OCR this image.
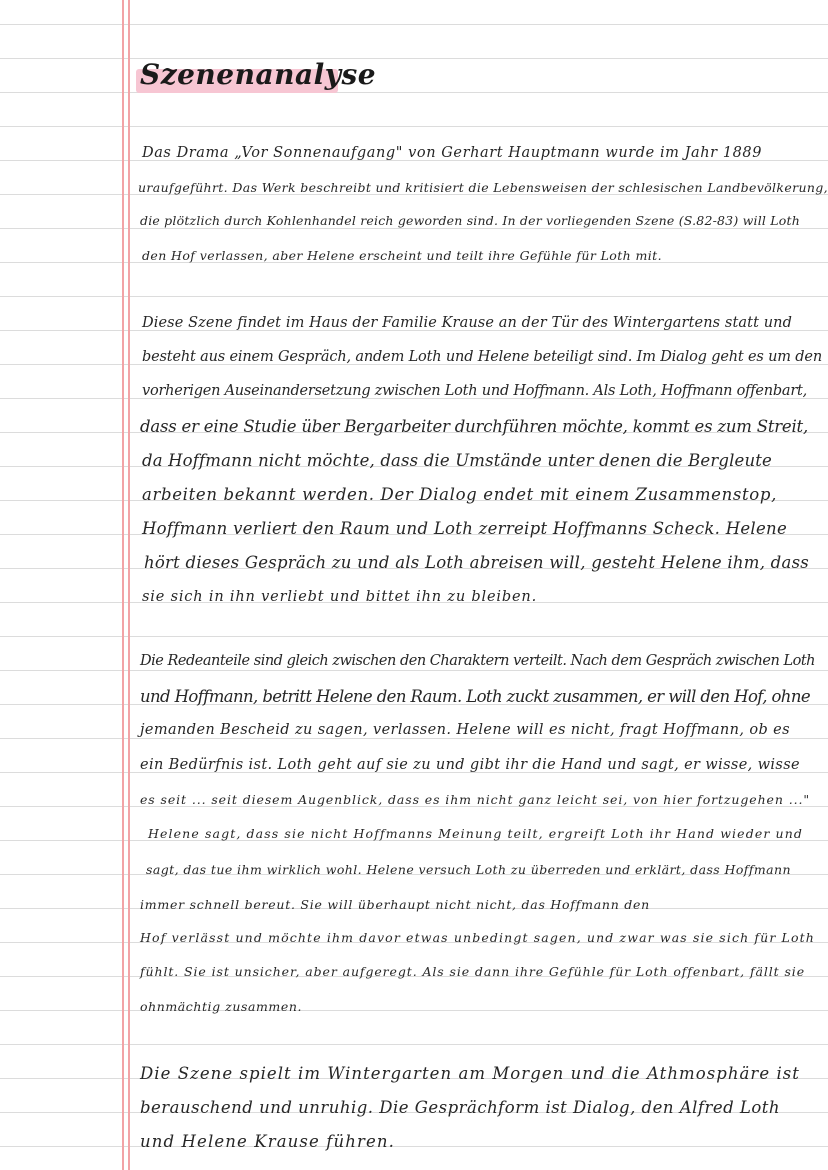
Szenenanalyse

Das Drama „Vor Sonnenaufgang" von Gerhart Hauptmann wurde im Jahr 1889

uraufgeführt. Das Werk beschreibt und kritisiert die Lebensweisen der schlesischen Landbevölkerung,

die plötzlich durch Kohlenhandel reich geworden sind. In der vorliegenden Szene (S.82-83) will Loth

den Hof verlassen, aber Helene erscheint und teilt ihre Gefühle für Loth mit.

Diese Szene findet im Haus der Familie Krause an der Tür des Wintergartens statt und

besteht aus einem Gespräch, andem Loth und Helene beteiligt sind. Im Dialog geht es um den

vorherigen Auseinandersetzung zwischen Loth und Hoffmann. Als Loth, Hoffmann offenbart,

dass er eine Studie über Bergarbeiter durchführen möchte, kommt es zum Streit,

da Hoffmann nicht möchte, dass die Umstände unter denen die Bergleute

arbeiten bekannt werden. Der Dialog endet mit einem Zusammenstop,

Hoffmann verliert den Raum und Loth zerreipt Hoffmanns Scheck. Helene

hört dieses Gespräch zu und als Loth abreisen will, gesteht Helene ihm, dass

sie sich in ihn verliebt und bittet ihn zu bleiben.

Die Redeanteile sind gleich zwischen den Charaktern verteilt. Nach dem Gespräch zwischen Loth

und Hoffmann, betritt Helene den Raum. Loth zuckt zusammen, er will den Hof, ohne

jemanden Bescheid zu sagen, verlassen. Helene will es nicht, fragt Hoffmann, ob es

ein Bedürfnis ist. Loth geht auf sie zu und gibt ihr die Hand und sagt, er wisse, wisse

es seit ... seit diesem Augenblick, dass es ihm nicht ganz leicht sei, von hier fortzugehen ..."

Helene sagt, dass sie nicht Hoffmanns Meinung teilt, ergreift Loth ihr Hand wieder und

sagt, das tue ihm wirklich wohl. Helene versuch Loth zu überreden und erklärt, dass Hoffmann

immer schnell bereut. Sie will überhaupt nicht nicht, das Hoffmann den

Hof verlässt und möchte ihm davor etwas unbedingt sagen, und zwar was sie sich für Loth

fühlt. Sie ist unsicher, aber aufgeregt. Als sie dann ihre Gefühle für Loth offenbart, fällt sie

ohnmächtig zusammen.

Die Szene spielt im Wintergarten am Morgen und die Athmosphäre ist

berauschend und unruhig. Die Gesprächform ist Dialog, den Alfred Loth

und Helene Krause führen.
